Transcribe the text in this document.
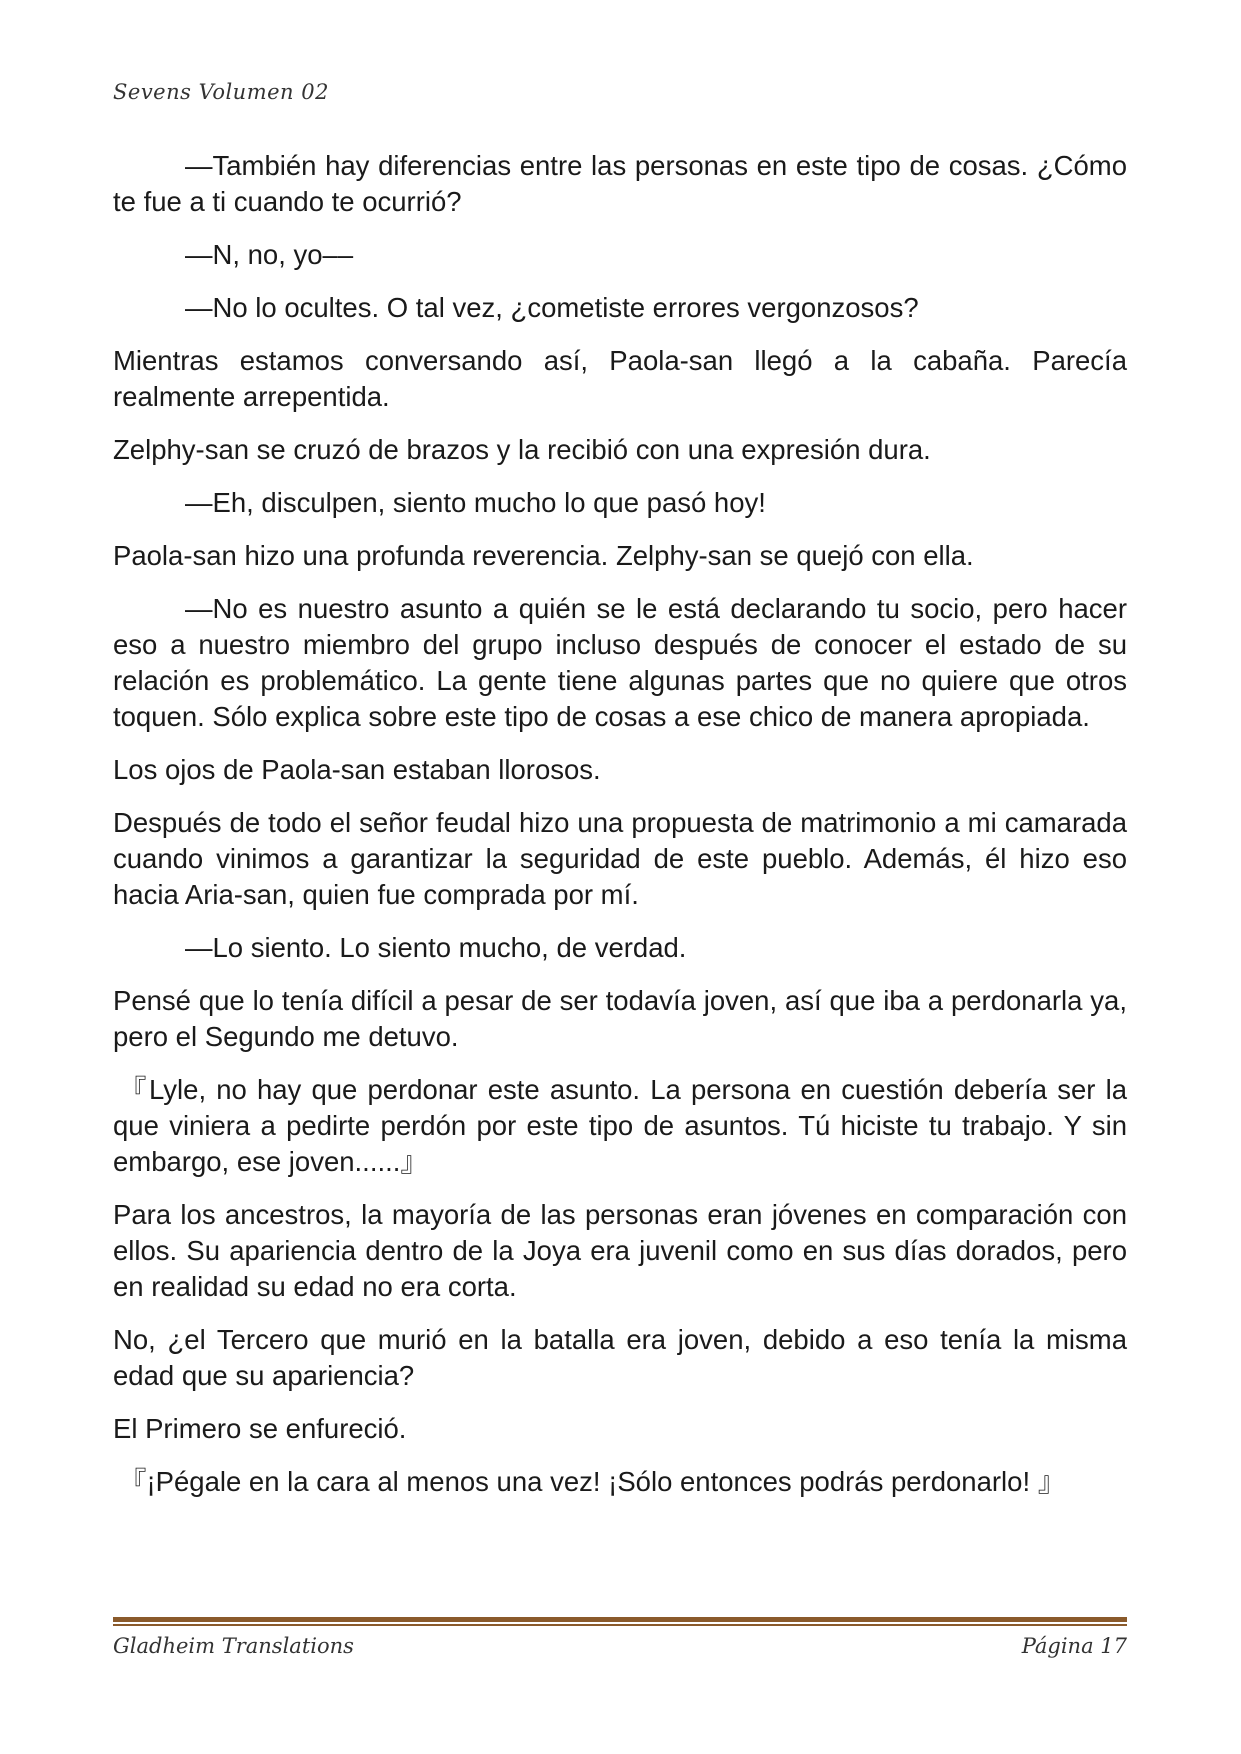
Sevens Volumen 02

—También hay diferencias entre las personas en este tipo de cosas. ¿Cómo te fue a ti cuando te ocurrió?

—N, no, yo––

—No lo ocultes. O tal vez, ¿cometiste errores vergonzosos?

Mientras estamos conversando así, Paola-san llegó a la cabaña. Parecía realmente arrepentida.

Zelphy-san se cruzó de brazos y la recibió con una expresión dura.

—Eh, disculpen, siento mucho lo que pasó hoy!

Paola-san hizo una profunda reverencia. Zelphy-san se quejó con ella.

—No es nuestro asunto a quién se le está declarando tu socio, pero hacer eso a nuestro miembro del grupo incluso después de conocer el estado de su relación es problemático. La gente tiene algunas partes que no quiere que otros toquen. Sólo explica sobre este tipo de cosas a ese chico de manera apropiada.

Los ojos de Paola-san estaban llorosos.

Después de todo el señor feudal hizo una propuesta de matrimonio a mi camarada cuando vinimos a garantizar la seguridad de este pueblo. Además, él hizo eso hacia Aria-san, quien fue comprada por mí.

—Lo siento. Lo siento mucho, de verdad.

Pensé que lo tenía difícil a pesar de ser todavía joven, así que iba a perdonarla ya, pero el Segundo me detuvo.

『Lyle, no hay que perdonar este asunto. La persona en cuestión debería ser la que viniera a pedirte perdón por este tipo de asuntos. Tú hiciste tu trabajo. Y sin embargo, ese joven......』

Para los ancestros, la mayoría de las personas eran jóvenes en comparación con ellos. Su apariencia dentro de la Joya era juvenil como en sus días dorados, pero en realidad su edad no era corta.

No, ¿el Tercero que murió en la batalla era joven, debido a eso tenía la misma edad que su apariencia?

El Primero se enfureció.

『¡Pégale en la cara al menos una vez! ¡Sólo entonces podrás perdonarlo! 』

Gladheim Translations	Página 17
